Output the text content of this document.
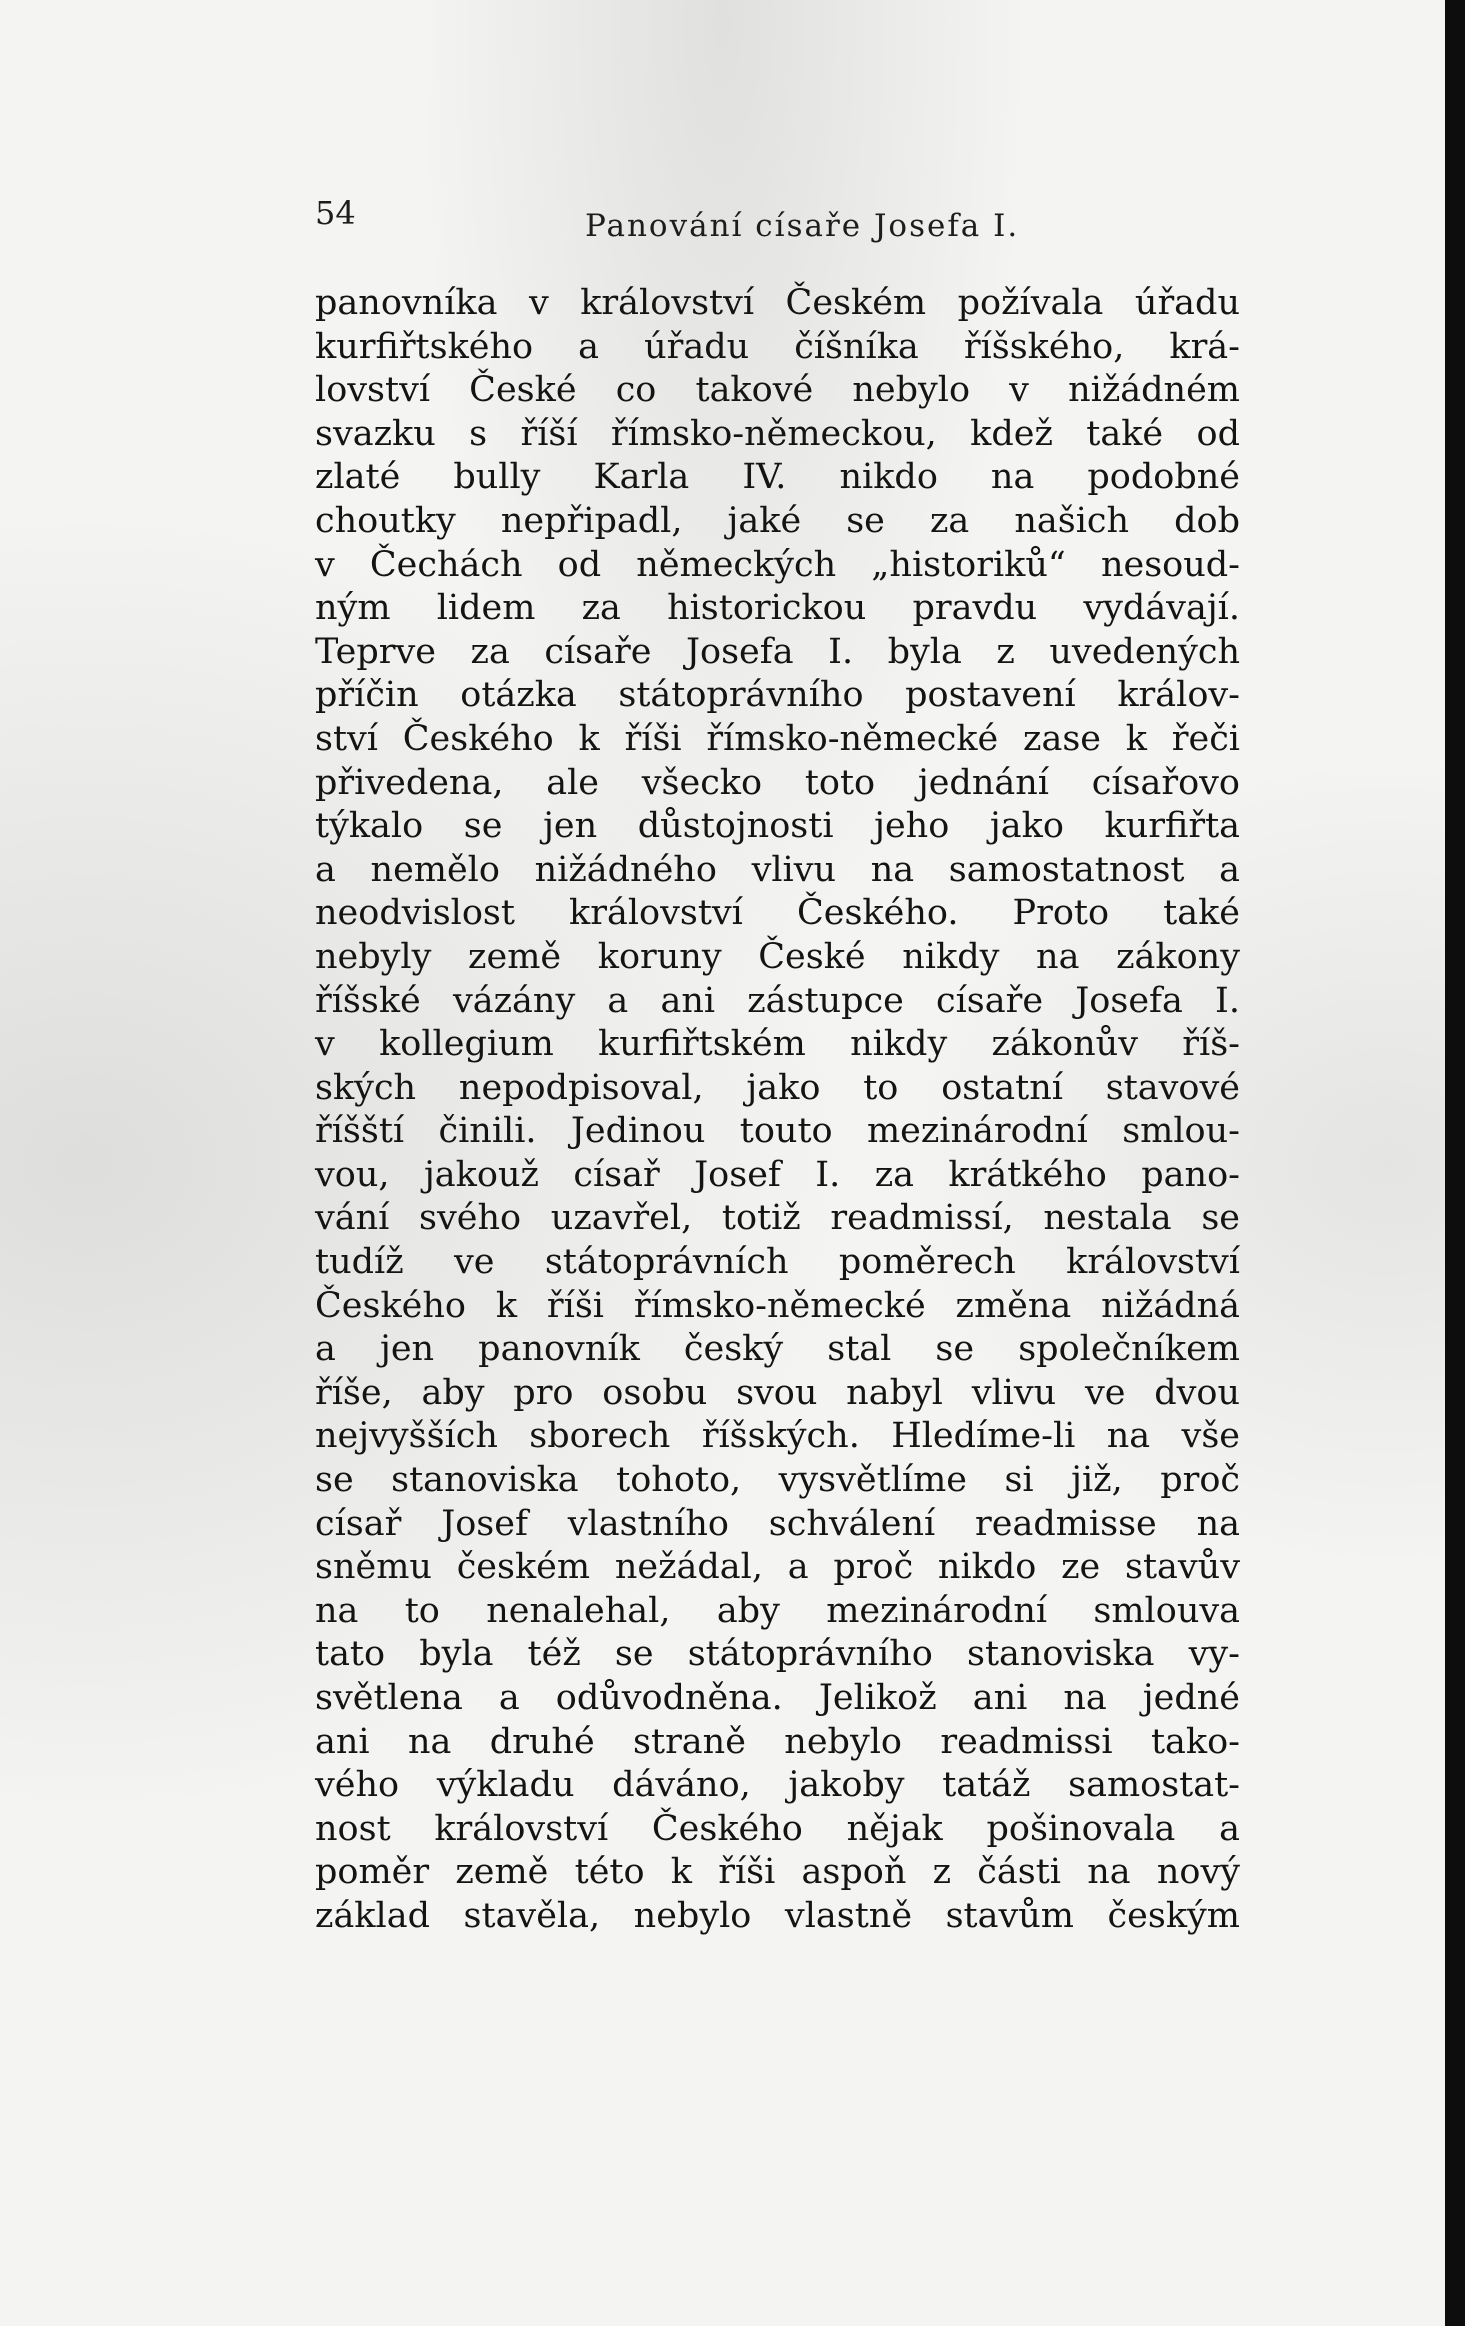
54	Panování císaře Josefa I.
panovníka v království Českém požívala úřadu
kurfiřtského a úřadu číšníka říšského, krá-
lovství České co takové nebylo v nižádném
svazku s říší římsko-německou, kdež také od
zlaté bully Karla IV. nikdo na podobné
choutky nepřipadl, jaké se za našich dob
v Čechách od německých „historiků“ nesoud-
ným lidem za historickou pravdu vydávají.
Teprve za císaře Josefa I. byla z uvedených
příčin otázka státoprávního postavení králov-
ství Českého k říši římsko-německé zase k řeči
přivedena, ale všecko toto jednání císařovo
týkalo se jen důstojnosti jeho jako kurfiřta
a nemělo nižádného vlivu na samostatnost a
neodvislost království Českého. Proto také
nebyly země koruny České nikdy na zákony
říšské vázány a ani zástupce císaře Josefa I.
v kollegium kurfiřtském nikdy zákonův říš-
ských nepodpisoval, jako to ostatní stavové
říšští činili. Jedinou touto mezinárodní smlou-
vou, jakouž císař Josef I. za krátkého pano-
vání svého uzavřel, totiž readmissí, nestala se
tudíž ve státoprávních poměrech království
Českého k říši římsko-německé změna nižádná
a jen panovník český stal se společníkem
říše, aby pro osobu svou nabyl vlivu ve dvou
nejvyšších sborech říšských. Hledíme-li na vše
se stanoviska tohoto, vysvětlíme si již, proč
císař Josef vlastního schválení readmisse na
sněmu českém nežádal, a proč nikdo ze stavův
na to nenalehal, aby mezinárodní smlouva
tato byla též se státoprávního stanoviska vy-
světlena a odůvodněna. Jelikož ani na jedné
ani na druhé straně nebylo readmissi tako-
vého výkladu dáváno, jakoby tatáž samostat-
nost království Českého nějak pošinovala a
poměr země této k říši aspoň z části na nový
základ stavěla, nebylo vlastně stavům českým
